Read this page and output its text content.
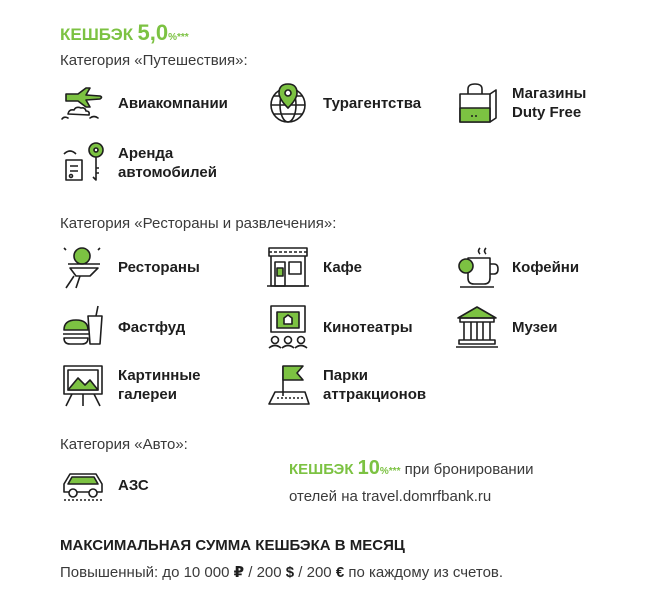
КЕШБЭК 5,0%***
Категория «Путешествия»:
Авиакомпании	Турагентства
Магазины
Duty Free
Аренда
автомобилей
Категория «Рестораны и развлечения»:
Рестораны	Кафе	Кофейни
Фастфуд	Кинотеатры	Музеи
Картинные
галереи
Парки
аттракционов
Категория «Авто»:
АЗС
КЕШБЭК 10%*** при бронировании
отелей на travel.domrfbank.ru
МАКСИМАЛЬНАЯ СУММА КЕШБЭКА В МЕСЯЦ
Повышенный: до 10 000 ₽ / 200 $ / 200 € по каждому из счетов.
